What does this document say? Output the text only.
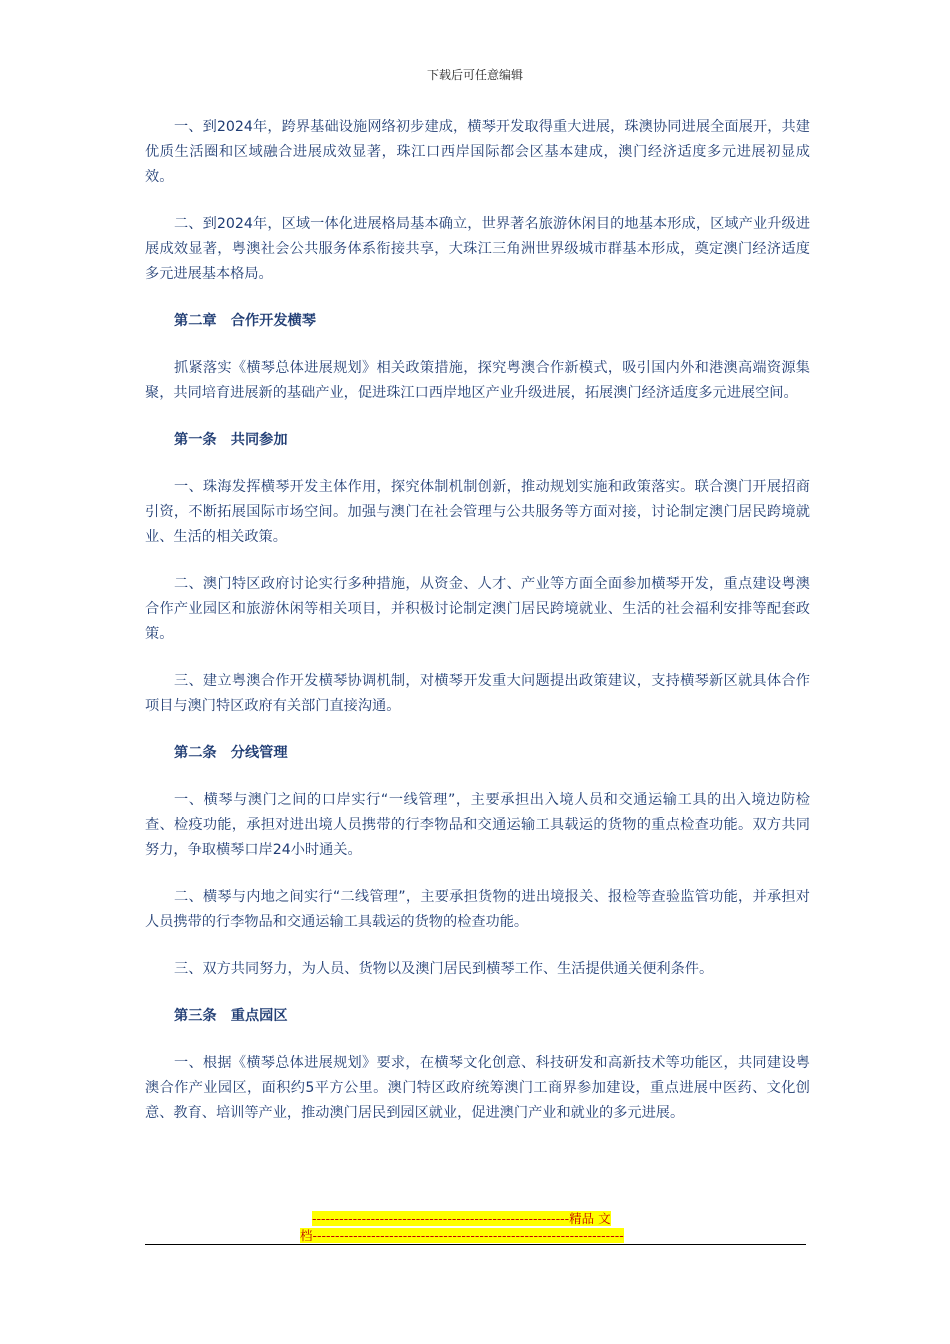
下载后可任意编辑

一、到2024年，跨界基础设施网络初步建成，横琴开发取得重大进展，珠澳协同进展全面展开，共建优质生活圈和区域融合进展成效显著，珠江口西岸国际都会区基本建成，澳门经济适度多元进展初显成效。

二、到2024年，区域一体化进展格局基本确立，世界著名旅游休闲目的地基本形成，区域产业升级进展成效显著，粤澳社会公共服务体系衔接共享，大珠江三角洲世界级城市群基本形成，奠定澳门经济适度多元进展基本格局。

第二章　合作开发横琴

抓紧落实《横琴总体进展规划》相关政策措施，探究粤澳合作新模式，吸引国内外和港澳高端资源集聚，共同培育进展新的基础产业，促进珠江口西岸地区产业升级进展，拓展澳门经济适度多元进展空间。

第一条　共同参加

一、珠海发挥横琴开发主体作用，探究体制机制创新，推动规划实施和政策落实。联合澳门开展招商引资，不断拓展国际市场空间。加强与澳门在社会管理与公共服务等方面对接，讨论制定澳门居民跨境就业、生活的相关政策。

二、澳门特区政府讨论实行多种措施，从资金、人才、产业等方面全面参加横琴开发，重点建设粤澳合作产业园区和旅游休闲等相关项目，并积极讨论制定澳门居民跨境就业、生活的社会福利安排等配套政策。

三、建立粤澳合作开发横琴协调机制，对横琴开发重大问题提出政策建议，支持横琴新区就具体合作项目与澳门特区政府有关部门直接沟通。

第二条　分线管理

一、横琴与澳门之间的口岸实行“一线管理”，主要承担出入境人员和交通运输工具的出入境边防检查、检疫功能，承担对进出境人员携带的行李物品和交通运输工具载运的货物的重点检查功能。双方共同努力，争取横琴口岸24小时通关。

二、横琴与内地之间实行“二线管理”，主要承担货物的进出境报关、报检等查验监管功能，并承担对人员携带的行李物品和交通运输工具载运的货物的检查功能。

三、双方共同努力，为人员、货物以及澳门居民到横琴工作、生活提供通关便利条件。

第三条　重点园区

一、根据《横琴总体进展规划》要求，在横琴文化创意、科技研发和高新技术等功能区，共同建设粤澳合作产业园区，面积约5平方公里。澳门特区政府统筹澳门工商界参加建设，重点进展中医药、文化创意、教育、培训等产业，推动澳门居民到园区就业，促进澳门产业和就业的多元进展。

---------------------------------------------------------精品 文
档---------------------------------------------------------------------
